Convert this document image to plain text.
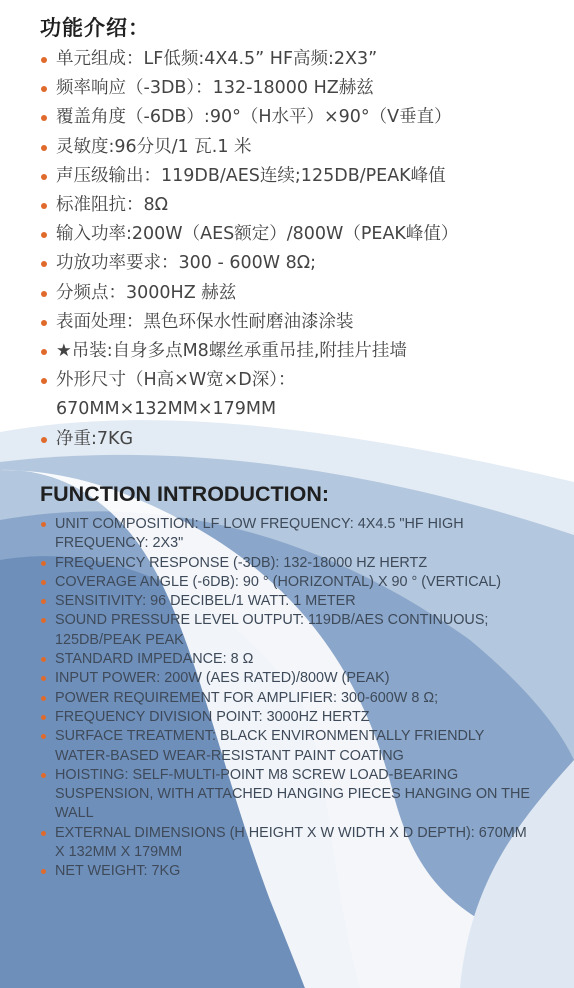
功能介绍：
单元组成：LF低频:4X4.5” HF高频:2X3”
频率响应（-3DB）：132-18000 HZ赫兹
覆盖角度（-6DB）:90°（H水平）×90°（V垂直）
灵敏度:96分贝/1 瓦.1 米
声压级输出：119DB/AES连续;125DB/PEAK峰值
标准阻抗：8Ω
输入功率:200W（AES额定）/800W（PEAK峰值）
功放功率要求：300 - 600W 8Ω;
分频点：3000HZ 赫兹
表面处理：黑色环保水性耐磨油漆涂装
★吊装:自身多点M8螺丝承重吊挂,附挂片挂墙
外形尺寸（H高×W宽×D深）：
670MM×132MM×179MM
净重:7KG
FUNCTION INTRODUCTION:
UNIT COMPOSITION: LF LOW FREQUENCY: 4X4.5 "HF HIGH FREQUENCY: 2X3"
FREQUENCY RESPONSE (-3DB): 132-18000 HZ HERTZ
COVERAGE ANGLE (-6DB): 90 ° (HORIZONTAL) X 90 ° (VERTICAL)
SENSITIVITY: 96 DECIBEL/1 WATT. 1 METER
SOUND PRESSURE LEVEL OUTPUT: 119DB/AES CONTINUOUS; 125DB/PEAK PEAK
STANDARD IMPEDANCE: 8 Ω
INPUT POWER: 200W (AES RATED)/800W (PEAK)
POWER REQUIREMENT FOR AMPLIFIER: 300-600W 8 Ω;
FREQUENCY DIVISION POINT: 3000HZ HERTZ
SURFACE TREATMENT: BLACK ENVIRONMENTALLY FRIENDLY WATER-BASED WEAR-RESISTANT PAINT COATING
HOISTING: SELF-MULTI-POINT M8 SCREW LOAD-BEARING SUSPENSION, WITH ATTACHED HANGING PIECES HANGING ON THE WALL
EXTERNAL DIMENSIONS (H HEIGHT X W WIDTH X D DEPTH): 670MM X 132MM X 179MM
NET WEIGHT: 7KG
